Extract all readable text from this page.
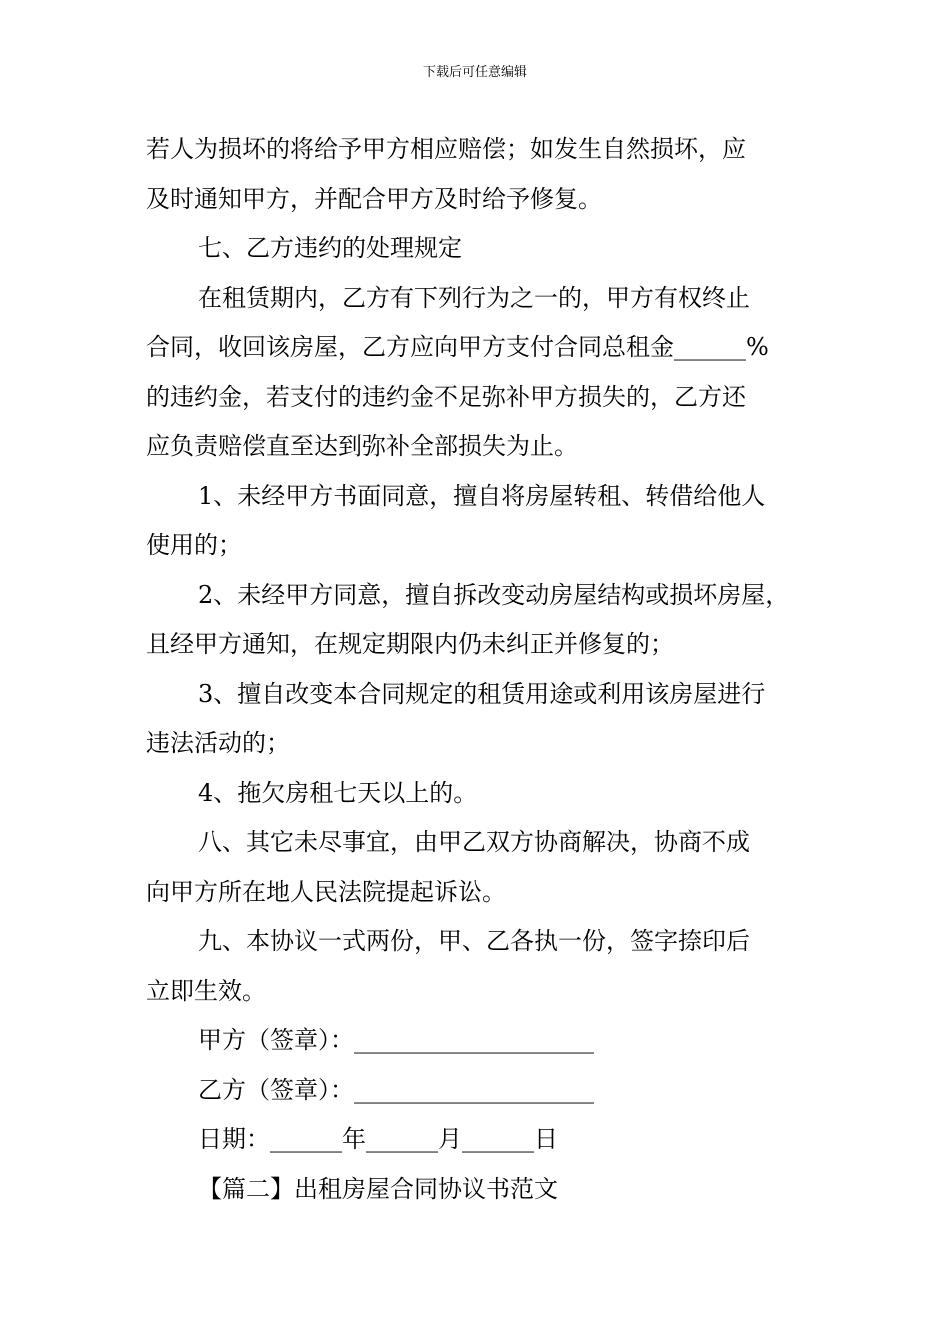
下载后可任意编辑
若人为损坏的将给予甲方相应赔偿；如发生自然损坏，应
及时通知甲方，并配合甲方及时给予修复。
七、乙方违约的处理规定
在租赁期内，乙方有下列行为之一的，甲方有权终止
合同，收回该房屋，乙方应向甲方支付合同总租金______%
的违约金，若支付的违约金不足弥补甲方损失的，乙方还
应负责赔偿直至达到弥补全部损失为止。
1、未经甲方书面同意，擅自将房屋转租、转借给他人
使用的；
2、未经甲方同意，擅自拆改变动房屋结构或损坏房屋，
且经甲方通知，在规定期限内仍未纠正并修复的；
3、擅自改变本合同规定的租赁用途或利用该房屋进行
违法活动的；
4、拖欠房租七天以上的。
八、其它未尽事宜，由甲乙双方协商解决，协商不成
向甲方所在地人民法院提起诉讼。
九、本协议一式两份，甲、乙各执一份，签字捺印后
立即生效。
甲方（签章）：____________________
乙方（签章）：____________________
日期：______年______月______日
【篇二】出租房屋合同协议书范文
